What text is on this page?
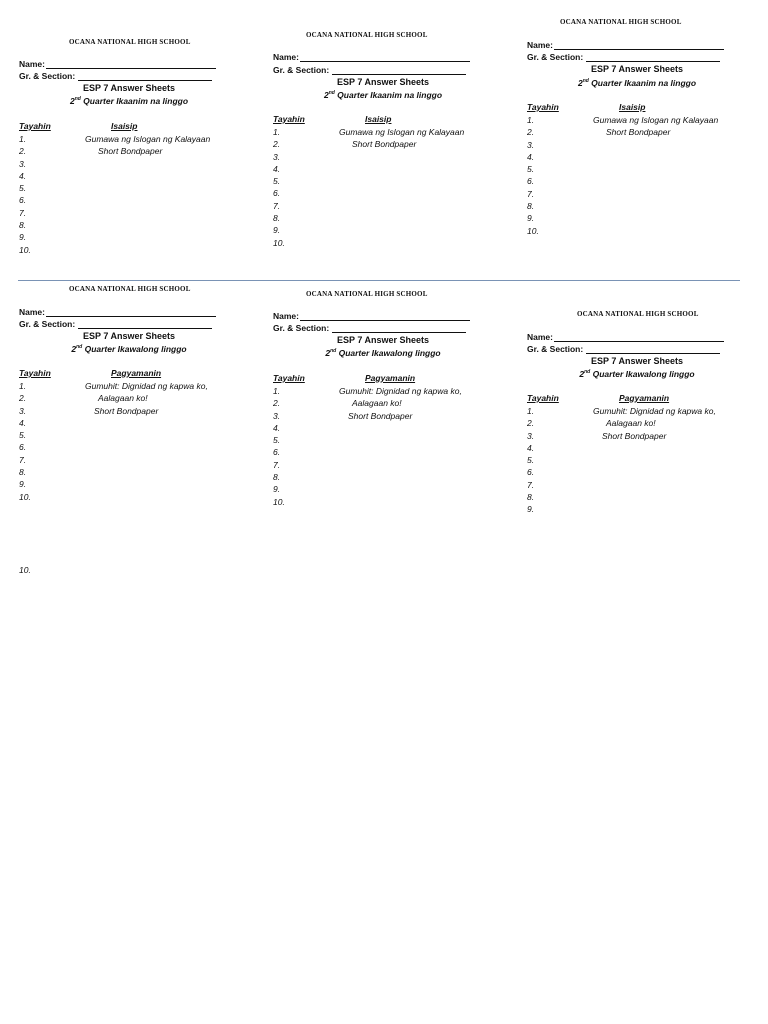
10.
OCANA NATIONAL HIGH SCHOOL
Name:
Gr. & Section:
ESP 7 Answer Sheets
2nd Quarter Ikaanim na linggo
Tayahin	Isaisip
1.	Gumawa ng Islogan ng Kalayaan
2.	Short Bondpaper
3.
4.
5.
6.
7.
8.
9.
10.
OCANA NATIONAL HIGH SCHOOL
Name:
Gr. & Section:
ESP 7 Answer Sheets
2nd Quarter Ikaanim na linggo
Tayahin	Isaisip
1.	Gumawa ng Islogan ng Kalayaan
2.	Short Bondpaper
3.
4.
5.
6.
7.
8.
9.
10.
OCANA NATIONAL HIGH SCHOOL
Name:
Gr. & Section:
ESP 7 Answer Sheets
2nd Quarter Ikaanim na linggo
Tayahin	Isaisip
1.	Gumawa ng Islogan ng Kalayaan
2.	Short Bondpaper
3.
4.
5.
6.
7.
8.
9.
10.
OCANA NATIONAL HIGH SCHOOL
Name:
Gr. & Section:
ESP 7 Answer Sheets
2nd Quarter Ikawalong linggo
Tayahin	Pagyamanin
1.	Gumuhit: Dignidad ng kapwa ko,
2.	Aalagaan ko!
3.	Short Bondpaper
4.
5.
6.
7.
8.
9.
10.
OCANA NATIONAL HIGH SCHOOL
Name:
Gr. & Section:
ESP 7 Answer Sheets
2nd Quarter Ikawalong linggo
Tayahin	Pagyamanin
1.	Gumuhit: Dignidad ng kapwa ko,
2.	Aalagaan ko!
3.	Short Bondpaper
4.
5.
6.
7.
8.
9.
10.
OCANA NATIONAL HIGH SCHOOL
Name:
Gr. & Section:
ESP 7 Answer Sheets
2nd Quarter Ikawalong linggo
Tayahin	Pagyamanin
1.	Gumuhit: Dignidad ng kapwa ko,
2.	Aalagaan ko!
3.	Short Bondpaper
4.
5.
6.
7.
8.
9.
